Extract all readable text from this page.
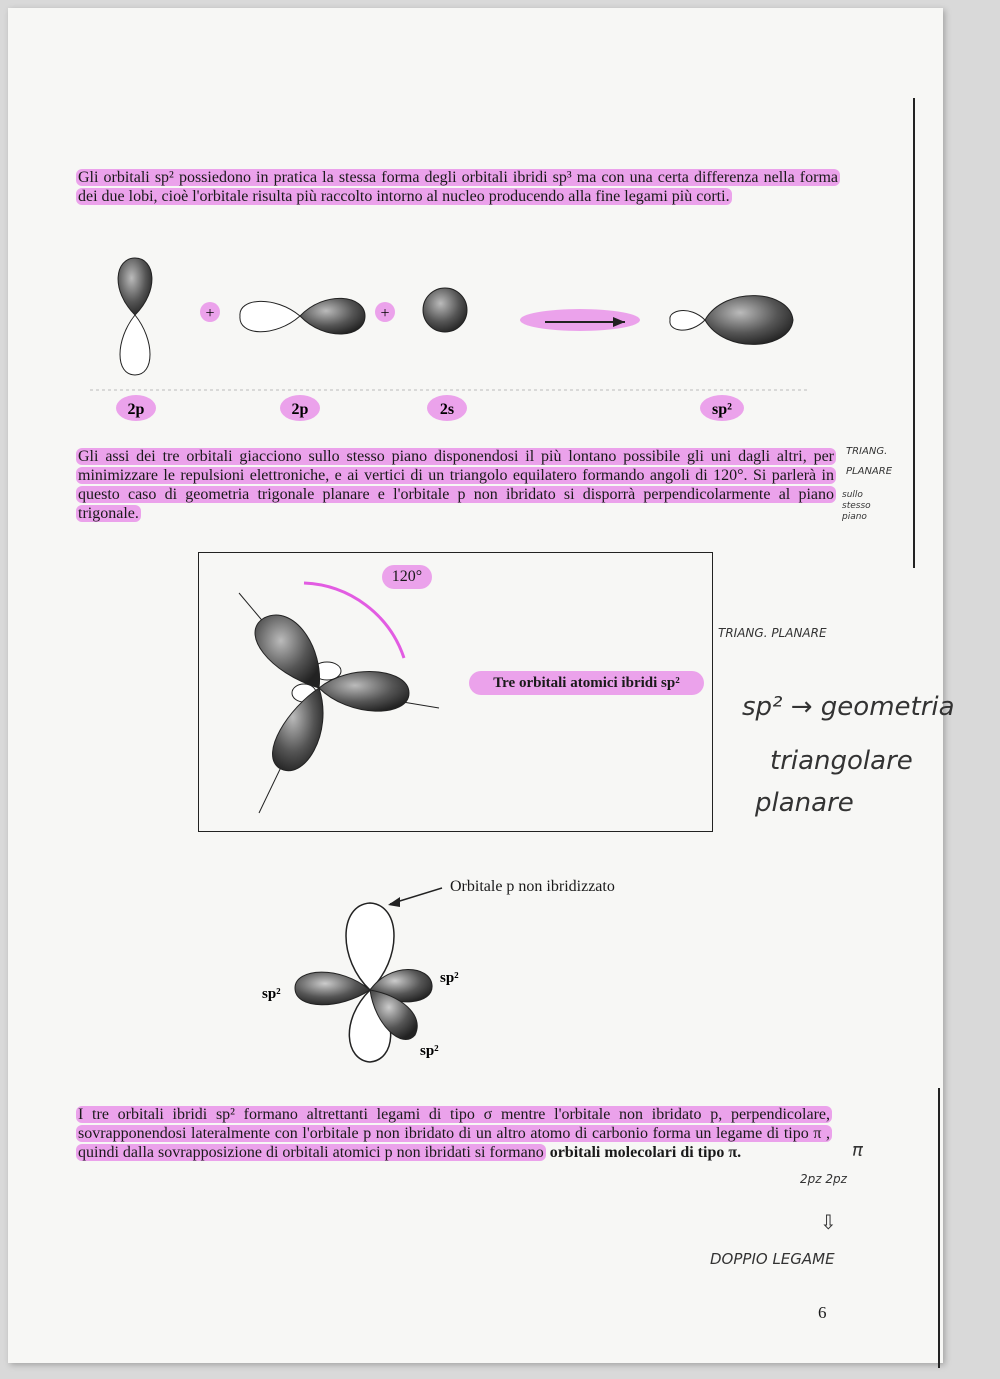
Gli orbitali sp² possiedono in pratica la stessa forma degli orbitali ibridi sp³ ma con una certa differenza nella forma dei due lobi, cioè l'orbitale risulta più raccolto intorno al nucleo producendo alla fine legami più corti.

+	+
2p	2p	2s	sp²

Gli assi dei tre orbitali giacciono sullo stesso piano disponendosi il più lontano possibile gli uni dagli altri, per minimizzare le repulsioni elettroniche, e ai vertici di un triangolo equilatero formando angoli di 120°. Si parlerà in questo caso di geometria trigonale planare e l'orbitale p non ibridato si disporrà perpendicolarmente al piano trigonale.

120°
Tre orbitali atomici ibridi sp²
sp²
sp²
sp²
Orbitale p non ibridizzato

I tre orbitali ibridi sp² formano altrettanti legami di tipo σ mentre l'orbitale non ibridato p, perpendicolare, sovrapponendosi lateralmente con l'orbitale p non ibridato di un altro atomo di carbonio forma un legame di tipo π , quindi dalla sovrapposizione di orbitali atomici p non ibridati si formano orbitali molecolari di tipo π.

TRIANG.
PLANARE
sullo stesso piano
TRIANG. PLANARE
sp² → geometria
triangolare
planare
π
2pz 2pz
⇩
DOPPIO LEGAME
6
